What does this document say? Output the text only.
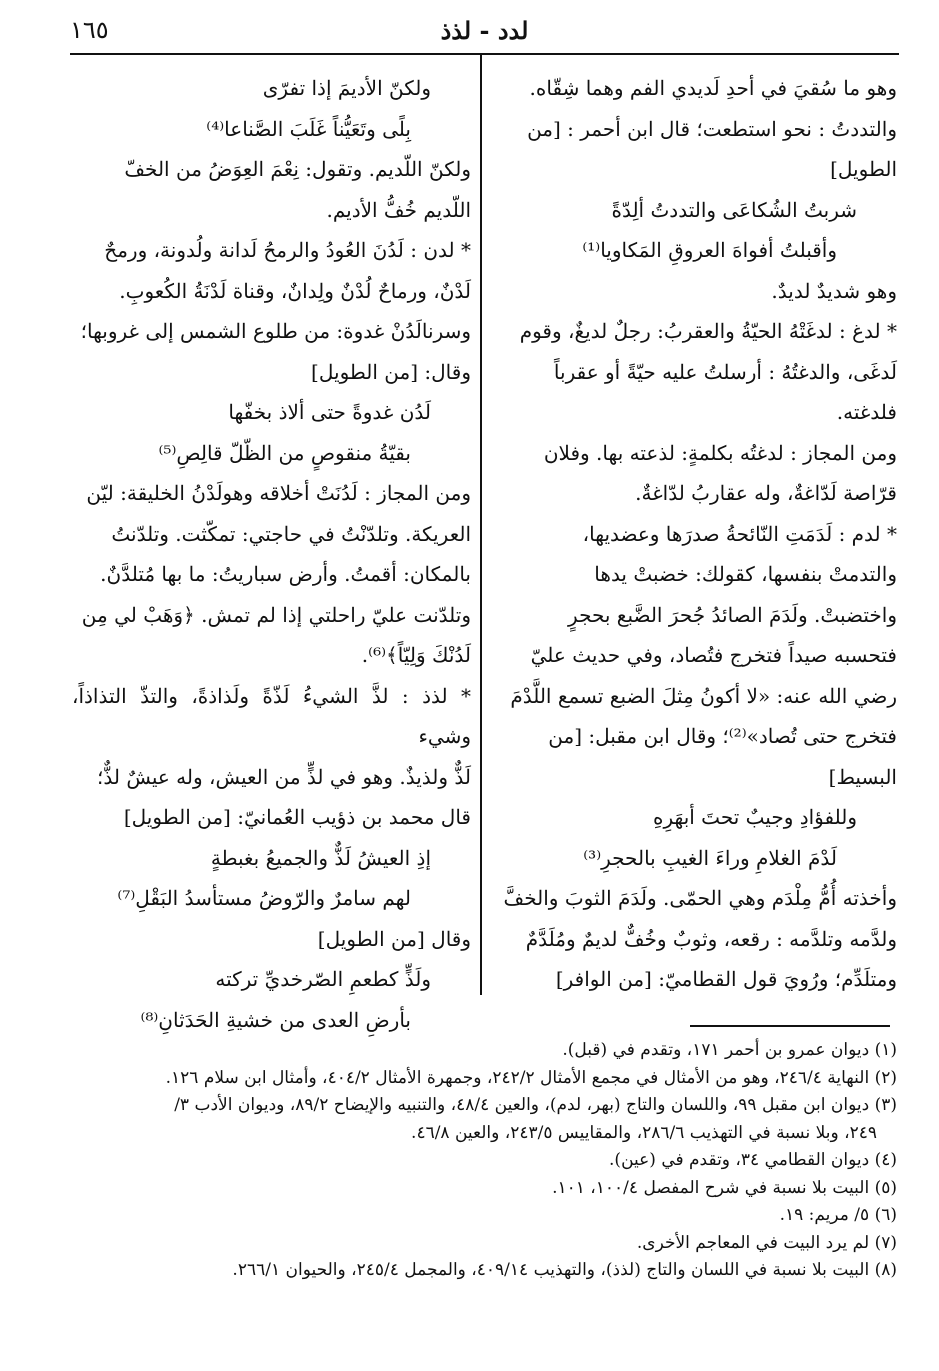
لدد - لذذ
١٦٥

وهو ما سُقيَ في أحدِ لَديدي الفم وهما شِقّاه.

والتددتُ : نحو استطعت؛ قال ابن أحمر : [من

الطويل]

شربتُ الشُكاعَى والتددتُ ألِدّةً

وأقبلتُ أفواهَ العروقِ المَكاويا⁽¹⁾

وهو شديدٌ لديدٌ.

* لدغ : لدغَتْهُ الحيّةُ والعقربُ: رجلٌ لديغٌ، وقوم

لَدغَى، والدغتُهُ : أرسلتُ عليه حيّةً أو عقرباً

فلدغته.

ومن المجاز : لدغتُه بكلمةٍ: لذعته بها. وفلان

قرّاصة لَدّاغةٌ، وله عقاربُ لدّاغةٌ.

* لدم : لَدَمَتِ النّائحةُ صدرَها وعضديها،

والتدمتْ بنفسها، كقولك: خضبتْ يدها

واختضبتْ. ولَدَمَ الصائدُ جُحرَ الضَّبع بحجرٍ

فتحسبه صيداً فتخرج فتُصاد، وفي حديث عليّ

رضي الله عنه: «لا أكونُ مِثلَ الضبع تسمع اللَّدْمَ

فتخرج حتى تُصاد»⁽²⁾؛ وقال ابن مقبل: [من

البسيط]

وللفؤادِ وجيبٌ تحتَ أبهَرِهِ

لَدْمَ الغلامِ وراءَ الغيبِ بالحجرِ⁽³⁾

وأخذته أُمُّ مِلْدَم وهي الحمّى. ولَدَمَ الثوبَ والخفَّ

ولدَّمه وتلدَّمه : رقعه، وثوبٌ وخُفٌّ لديمٌ ومُلَدَّمٌ

ومتلَدِّم؛ ورُويَ قول القطاميّ: [من الوافر]

ولكنّ الأديمَ إذا تفرّى

بِلًى وتَعَيُّناً غَلَبَ الصَّناعا⁽⁴⁾

ولكنّ اللّديم. وتقول: نِعْمَ العِوَضُ من الخفّ

اللّديم خُفُّ الأديم.

* لدن : لَدُنَ العُودُ والرمحُ لَدانة ولُدونة، ورمحٌ

لَدْنٌ، ورماحٌ لُدْنٌ ولِدانٌ، وقناة لَدْنَةُ الكُعوبِ.

وسرنالَدُنْ غدوة: من طلوع الشمس إلى غروبها؛

وقال: [من الطويل]

لَدُن غدوةً حتى ألاذ بخفّها

بقيّةُ منقوصٍ من الظّلّ قالِصِ⁽⁵⁾

ومن المجاز : لَدُنَتْ أخلاقه وهولَدْنُ الخليقة: ليّن

العريكة. وتلدّنْتُ في حاجتي: تمكّثت. وتلدّنتُ

بالمكان: أقمتُ. وأرض سباريتُ: ما بها مُتلدَّنٌ.

وتلدّنت عليّ راحلتي إذا لم تمش. ﴿وَهَبْ لي مِن

لَدُنْكَ وَلِيّاً﴾⁽⁶⁾.

* لذذ : لذَّ الشيءُ لَذّةً ولَذاذةً، والتذّ التذاذاً، وشيء

لَذٌّ ولذيذٌ. وهو في لذٍّ من العيش، وله عيشٌ لذٌّ؛

قال محمد بن ذؤيب العُمانيّ: [من الطويل]

إذِ العيشُ لَذٌّ والجميعُ بغبطةٍ

لهم سامرٌ والرّوضُ مستأسدُ البَقْلِ⁽⁷⁾

وقال [من الطويل]

ولَذٍّ كطعمِ الصّرخديِّ تركته

بأرضِ العدى من خشيةِ الحَدَثانِ⁽⁸⁾

(١) ديوان عمرو بن أحمر ١٧١، وتقدم في (قبل).

(٢) النهاية ٢٤٦/٤، وهو من الأمثال في مجمع الأمثال ٢٤٢/٢، وجمهرة الأمثال ٤٠٤/٢، وأمثال ابن سلام ١٢٦.

(٣) ديوان ابن مقبل ٩٩، واللسان والتاج (بهر، لدم)، والعين ٤٨/٤، والتنبيه والإيضاح ٨٩/٢، وديوان الأدب ٣/

٢٤٩، وبلا نسبة في التهذيب ٢٨٦/٦، والمقاييس ٢٤٣/٥، والعين ٤٦/٨.

(٤) ديوان القطامي ٣٤، وتقدم في (عين).

(٥) البيت بلا نسبة في شرح المفصل ١٠٠/٤، ١٠١.

(٦) ٥/ مريم: ١٩.

(٧) لم يرد البيت في المعاجم الأخرى.

(٨) البيت بلا نسبة في اللسان والتاج (لذذ)، والتهذيب ٤٠٩/١٤، والمجمل ٢٤٥/٤، والحيوان ٢٦٦/١.
